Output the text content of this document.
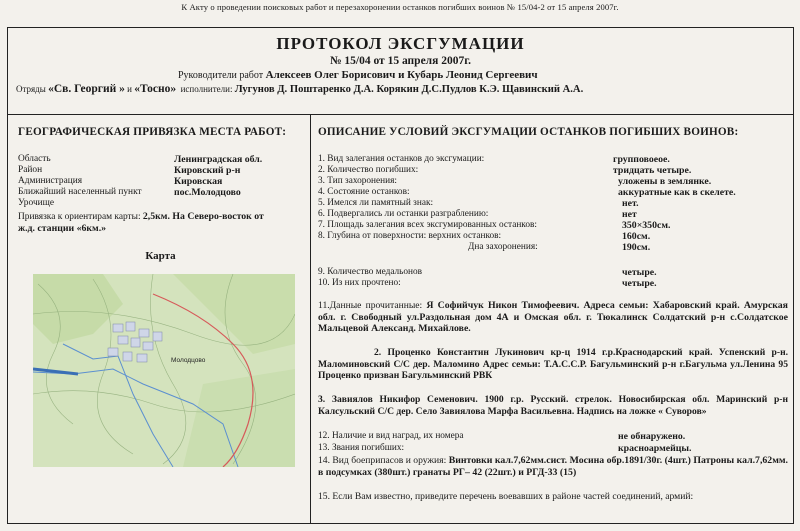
К Акту о проведении поисковых работ и перезахоронении останков погибших воинов № 15/04-2 от 15 апреля 2007г.
ПРОТОКОЛ ЭКСГУМАЦИИ
№ 15/04 от 15 апреля 2007г.
Руководители работ Алексеев Олег Борисович и Кубарь Леонид Сергеевич
Отряды «Св. Георгий » и «Тосно» исполнители: Лугунов Д. Поштаренко Д.А. Корякин Д.С.Пудлов К.Э. Щавинский А.А.
ГЕОГРАФИЧЕСКАЯ ПРИВЯЗКА МЕСТА РАБОТ:
Область	Ленинградская обл.
Район	Кировский р-н
Администрация	Кировская
Ближайший населенный пункт	пос.Молодцово
Урочище
Привязка к ориентирам карты: 2,5км. На Северо-восток от ж.д. станции «6км.»
Карта
Молодцово
ОПИСАНИЕ УСЛОВИЙ ЭКСГУМАЦИИ ОСТАНКОВ ПОГИБШИХ ВОИНОВ:
1. Вид залегания останков до эксгумации:	групповоеое.
2. Количество погибших:	тридцать четыре.
3. Тип захоронения:	уложены в землянке.
4. Состояние останков:	аккуратные как в скелете.
5. Имелся ли памятный знак:	нет.
6. Подвергались ли останки разграблению:	нет
7. Площадь залегания всех эксгумированных останков:	350×350см.
8. Глубина от поверхности: верхних останков:	160см.
Дна захоронения:	190см.
9. Количество медальонов	четыре.
10. Из них прочтено:	четыре.
11.Данные прочитанные: Я Софийчук Никон Тимофеевич. Адреса семьи: Хабаровский край. Амурская обл. г. Свободный ул.Раздольная дом 4А и Омская обл. г. Тюкалинск Солдатский р-н с.Солдатское Мальцевой Александ. Михайлове.
2. Проценко Константин Лукинович кр-ц 1914 г.р.Краснодарский край. Успенский р-н. Маломиновский С/С дер. Маломино Адрес семьи: Т.А.С.С.Р. Багульминский р-н г.Багульма ул.Ленина 95 Проценко призван Багульминский РВК
3. Завиялов Никифор Семенович. 1900 г.р. Русский. стрелок. Новосибирская обл. Маринский р-н Калсульский С/С дер. Село Завиялова Марфа Васильевна. Надпись на ложке « Суворов»
12. Наличие и вид наград, их номера	не обнаружено.
13. Звания погибших:	красноармейцы.
14. Вид боеприпасов и оружия: Винтовки кал.7,62мм.сист. Мосина обр.1891/30г. (4шт.) Патроны кал.7,62мм. в подсумках (380шт.) гранаты РГ– 42 (22шт.) и РГД-33 (15)
15. Если Вам известно, приведите перечень воевавших в районе частей соединений, армий:
